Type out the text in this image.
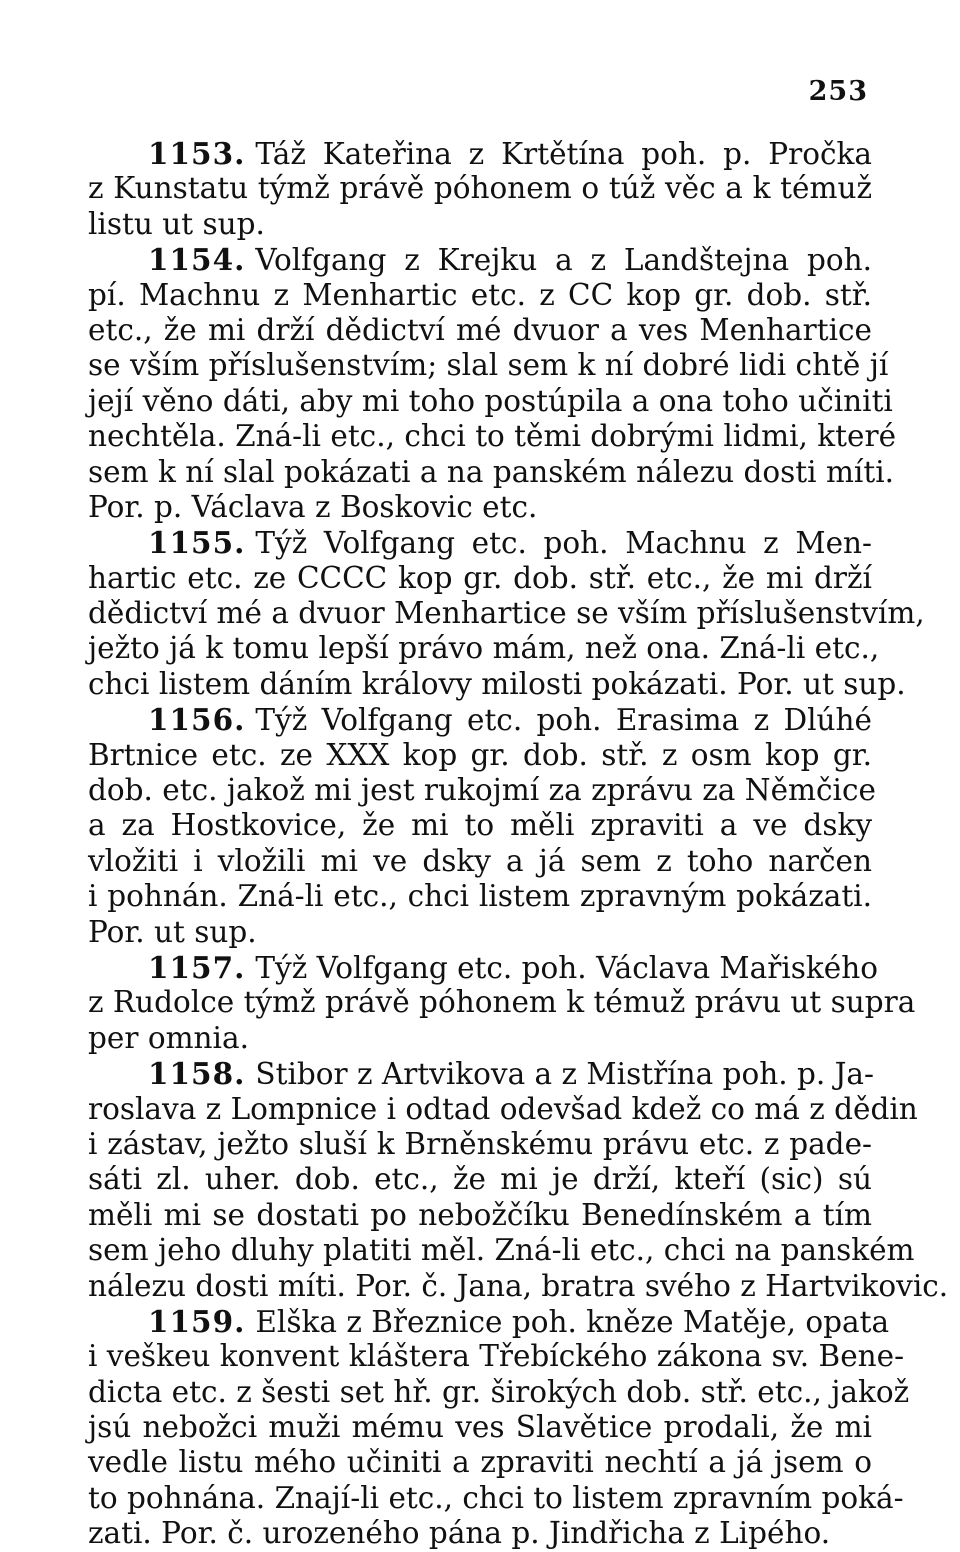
253
1153. Táž Kateřina z Krtětína poh. p. Pročka
z Kunstatu týmž právě póhonem o túž věc a k témuž
listu ut sup.
1154. Volfgang z Krejku a z Landštejna poh.
pí. Machnu z Menhartic etc. z CC kop gr. dob. stř.
etc., že mi drží dědictví mé dvuor a ves Menhartice
se vším příslušenstvím; slal sem k ní dobré lidi chtě jí
její věno dáti, aby mi toho postúpila a ona toho učiniti
nechtěla. Zná-li etc., chci to těmi dobrými lidmi, které
sem k ní slal pokázati a na panském nálezu dosti míti.
Por. p. Václava z Boskovic etc.
1155. Týž Volfgang etc. poh. Machnu z Men-
hartic etc. ze CCCC kop gr. dob. stř. etc., že mi drží
dědictví mé a dvuor Menhartice se vším příslušenstvím,
ježto já k tomu lepší právo mám, než ona. Zná-li etc.,
chci listem dáním královy milosti pokázati. Por. ut sup.
1156. Týž Volfgang etc. poh. Erasima z Dlúhé
Brtnice etc. ze XXX kop gr. dob. stř. z osm kop gr.
dob. etc. jakož mi jest rukojmí za zprávu za Němčice
a za Hostkovice, že mi to měli zpraviti a ve dsky
vložiti i vložili mi ve dsky a já sem z toho narčen
i pohnán. Zná-li etc., chci listem zpravným pokázati.
Por. ut sup.
1157. Týž Volfgang etc. poh. Václava Mařiského
z Rudolce týmž právě póhonem k témuž právu ut supra
per omnia.
1158. Stibor z Artvikova a z Mistřína poh. p. Ja-
roslava z Lompnice i odtad odevšad kdež co má z dědin
i zástav, ježto sluší k Brněnskému právu etc. z pade-
sáti zl. uher. dob. etc., že mi je drží, kteří (sic) sú
měli mi se dostati po nebožčíku Benedínském a tím
sem jeho dluhy platiti měl. Zná-li etc., chci na panském
nálezu dosti míti. Por. č. Jana, bratra svého z Hartvikovic.
1159. Elška z Březnice poh. kněze Matěje, opata
i veškeu konvent kláštera Třebíckého zákona sv. Bene-
dicta etc. z šesti set hř. gr. širokých dob. stř. etc., jakož
jsú nebožci muži mému ves Slavětice prodali, že mi
vedle listu mého učiniti a zpraviti nechtí a já jsem o
to pohnána. Znají-li etc., chci to listem zpravním poká-
zati. Por. č. urozeného pána p. Jindřicha z Lipého.
